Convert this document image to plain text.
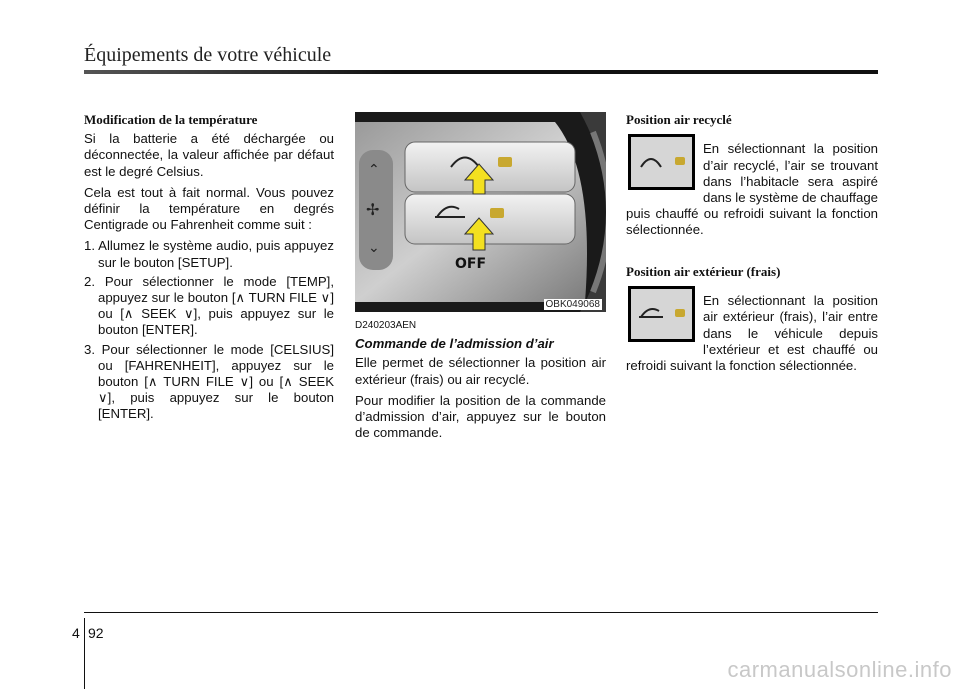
Équipements de votre véhicule

Modification de la température

Si la batterie a été déchargée ou déconnectée, la valeur affichée par défaut est le degré Celsius.

Cela est tout à fait normal. Vous pouvez définir la température en degrés Centigrade ou Fahrenheit comme suit :

1. Allumez le système audio, puis appuyez sur le bouton [SETUP].

2. Pour sélectionner le mode [TEMP], appuyez sur le bouton [∧ TURN FILE ∨] ou [∧ SEEK ∨], puis appuyez sur le bouton [ENTER].

3. Pour sélectionner le mode [CELSIUS] ou [FAHRENHEIT], appuyez sur le bouton [∧ TURN FILE ∨] ou [∧ SEEK ∨], puis appuyez sur le bouton [ENTER].

⌃
✢
⌄
OFF
OBK049068

D240203AEN

Commande de l’admission d’air

Elle permet de sélectionner la position air extérieur (frais) ou air recyclé.

Pour modifier la position de la commande d’admission d’air, appuyez sur le bouton de commande.

Position air recyclé

En sélectionnant la position d’air recyclé, l’air se trouvant dans l’habitacle sera aspiré dans le système de chauffage puis chauffé ou refroidi suivant la fonction sélectionnée.

Position air extérieur (frais)

En sélectionnant la position air extérieur (frais), l’air entre dans le véhicule depuis l’extérieur et est chauffé ou refroidi suivant la fonction sélectionnée.

4 92
carmanualsonline.info
